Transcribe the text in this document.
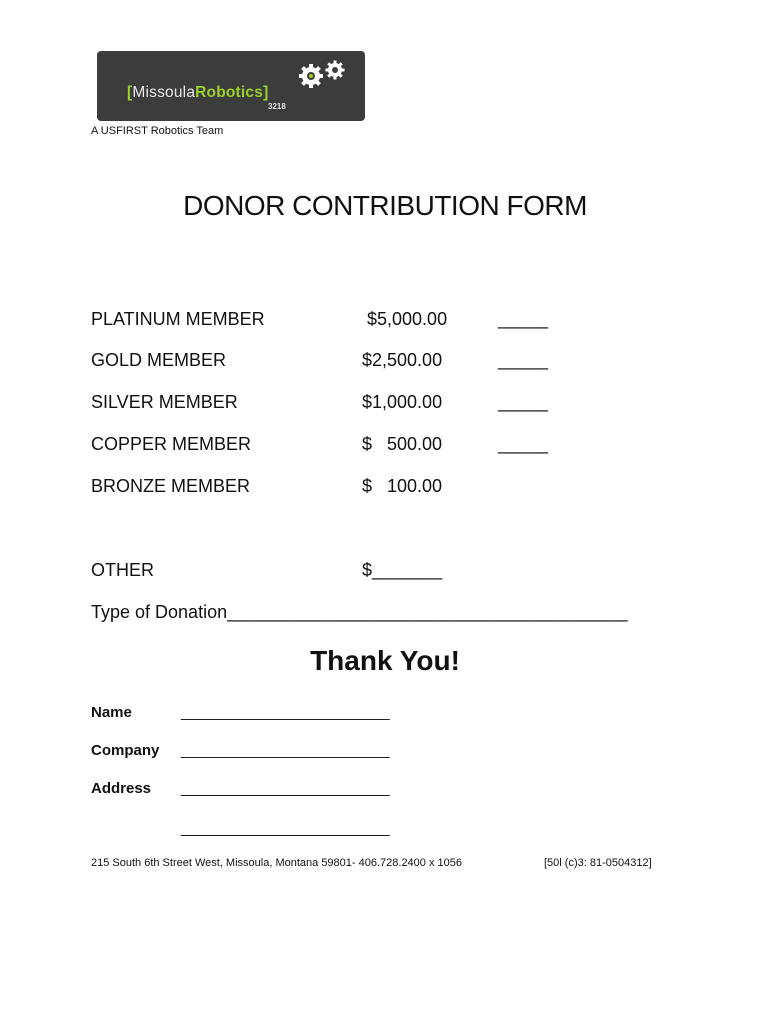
[MissoulaRobotics]
3218
A USFIRST Robotics Team
DONOR CONTRIBUTION FORM
PLATINUM MEMBER	$5,000.00	_____
GOLD MEMBER	$2,500.00	_____
SILVER MEMBER	$1,000.00	_____
COPPER MEMBER	$   500.00	_____
BRONZE MEMBER	$   100.00
OTHER	$_______
Type of Donation________________________________________
Thank You!
Name	_________________________
Company _________________________
Address _________________________
_________________________
215 South 6th Street West, Missoula, Montana 59801- 406.728.2400 x 1056	[50l (c)3: 81-0504312]
